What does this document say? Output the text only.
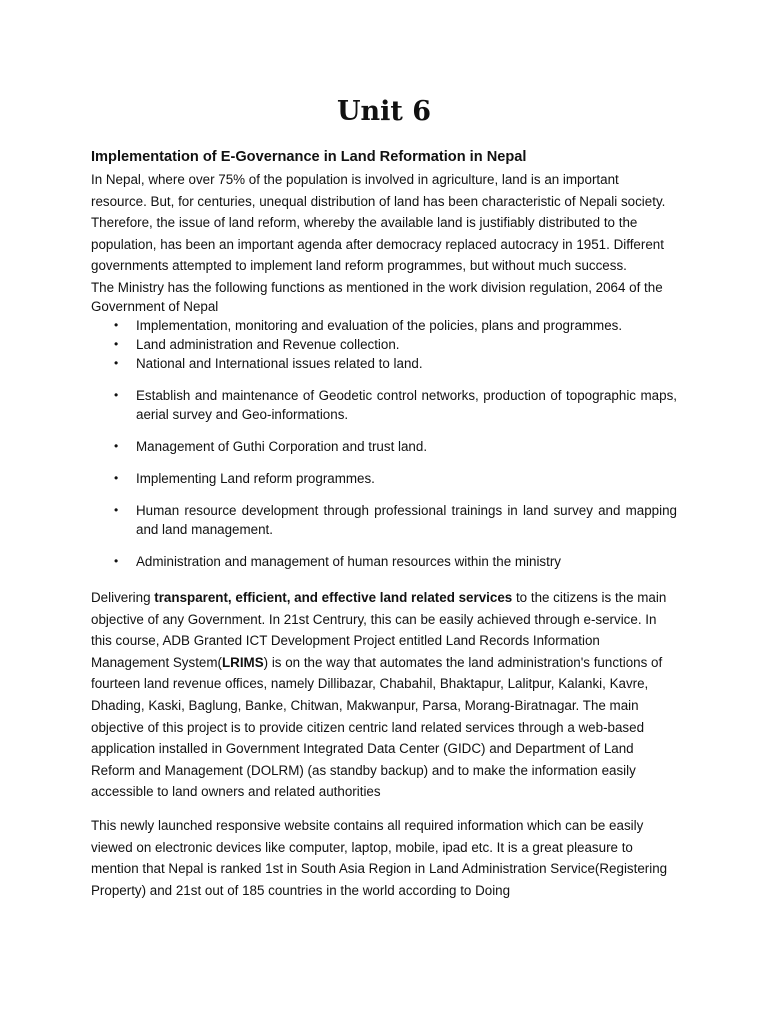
Unit 6
Implementation of E-Governance in Land Reformation in Nepal

In Nepal, where over 75% of the population is involved in agriculture, land is an important resource. But, for centuries, unequal distribution of land has been characteristic of Nepali society. Therefore, the issue of land reform, whereby the available land is justifiably distributed to the population, has been an important agenda after democracy replaced autocracy in 1951. Different governments attempted to implement land reform programmes, but without much success.

The Ministry has the following functions as mentioned in the work division regulation, 2064 of the Government of Nepal

• Implementation, monitoring and evaluation of the policies, plans and programmes.
• Land administration and Revenue collection.
• National and International issues related to land.
• Establish and maintenance of Geodetic control networks, production of topographic maps, aerial survey and Geo-informations.
• Management of Guthi Corporation and trust land.
• Implementing Land reform programmes.
• Human resource development through professional trainings in land survey and mapping and land management.
• Administration and management of human resources within the ministry

Delivering transparent, efficient, and effective land related services to the citizens is the main objective of any Government. In 21st Centrury, this can be easily achieved through e-service. In this course, ADB Granted ICT Development Project entitled Land Records Information Management System(LRIMS) is on the way that automates the land administration's functions of fourteen land revenue offices, namely Dillibazar, Chabahil, Bhaktapur, Lalitpur, Kalanki, Kavre, Dhading, Kaski, Baglung, Banke, Chitwan, Makwanpur, Parsa, Morang-Biratnagar. The main objective of this project is to provide citizen centric land related services through a web-based application installed in Government Integrated Data Center (GIDC) and Department of Land Reform and Management (DOLRM) (as standby backup) and to make the information easily accessible to land owners and related authorities

This newly launched responsive website contains all required information which can be easily viewed on electronic devices like computer, laptop, mobile, ipad etc. It is a great pleasure to mention that Nepal is ranked 1st in South Asia Region in Land Administration Service(Registering Property) and 21st out of 185 countries in the world according to Doing
